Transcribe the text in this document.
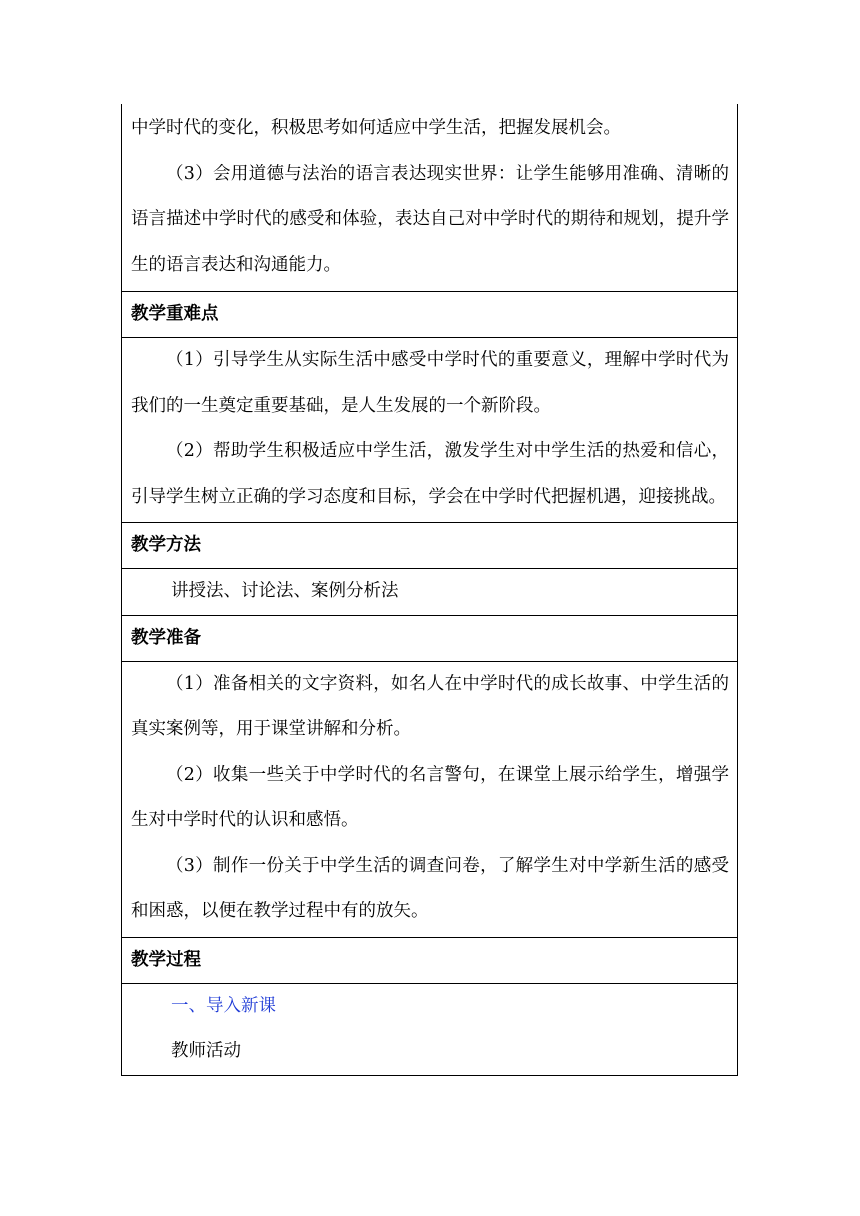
中学时代的变化，积极思考如何适应中学生活，把握发展机会。

（3）会用道德与法治的语言表达现实世界：让学生能够用准确、清晰的语言描述中学时代的感受和体验，表达自己对中学时代的期待和规划，提升学生的语言表达和沟通能力。

教学重难点

（1）引导学生从实际生活中感受中学时代的重要意义，理解中学时代为我们的一生奠定重要基础，是人生发展的一个新阶段。

（2）帮助学生积极适应中学生活，激发学生对中学生活的热爱和信心，引导学生树立正确的学习态度和目标，学会在中学时代把握机遇，迎接挑战。

教学方法

讲授法、讨论法、案例分析法

教学准备

（1）准备相关的文字资料，如名人在中学时代的成长故事、中学生活的真实案例等，用于课堂讲解和分析。

（2）收集一些关于中学时代的名言警句，在课堂上展示给学生，增强学生对中学时代的认识和感悟。

（3）制作一份关于中学生活的调查问卷，了解学生对中学新生活的感受和困惑，以便在教学过程中有的放矢。

教学过程

一、导入新课

教师活动
